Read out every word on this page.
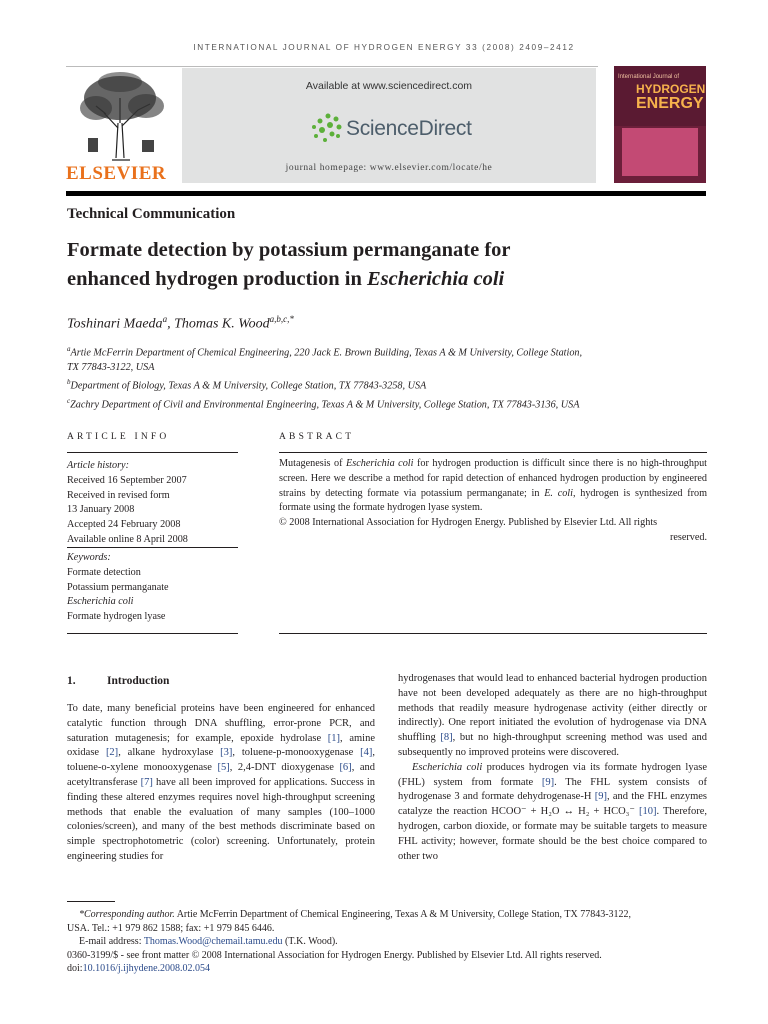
INTERNATIONAL JOURNAL OF HYDROGEN ENERGY 33 (2008) 2409–2412
ELSEVIER
Available at www.sciencedirect.com
ScienceDirect
journal homepage: www.elsevier.com/locate/he
International Journal of
HYDROGEN
ENERGY
Technical Communication
Formate detection by potassium permanganate for
enhanced hydrogen production in Escherichia coli
Toshinari Maeda$^a$, Thomas K. Wood$^{a,b,c,*}$
$^a$Artie McFerrin Department of Chemical Engineering, 220 Jack E. Brown Building, Texas A & M University, College Station,
TX 77843-3122, USA
$^b$Department of Biology, Texas A & M University, College Station, TX 77843-3258, USA
$^c$Zachry Department of Civil and Environmental Engineering, Texas A & M University, College Station, TX 77843-3136, USA
ARTICLE INFO
Article history:
Received 16 September 2007
Received in revised form
13 January 2008
Accepted 24 February 2008
Available online 8 April 2008
Keywords:
Formate detection
Potassium permanganate
Escherichia coli
Formate hydrogen lyase
ABSTRACT

Mutagenesis of Escherichia coli for hydrogen production is difficult since there is no high-throughput screen. Here we describe a method for rapid detection of enhanced hydrogen production by engineered strains by detecting formate via potassium permanganate; in E. coli, hydrogen is synthesized from formate using the formate hydrogen lyase system.

© 2008 International Association for Hydrogen Energy. Published by Elsevier Ltd. All rights

reserved.

1.	Introduction

To date, many beneficial proteins have been engineered for enhanced catalytic function through DNA shuffling, error-prone PCR, and saturation mutagenesis; for example, epoxide hydrolase [1], amine oxidase [2], alkane hydroxylase [3], toluene-p-monooxygenase [4], toluene-o-xylene monooxygenase [5], 2,4-DNT dioxygenase [6], and acetyltransferase [7] have all been improved for applications. Success in finding these altered enzymes requires novel high-throughput screening methods that enable the evaluation of many samples (100–1000 colonies/screen), and many of the best methods discriminate based on simple spectrophotometric (color) screening. Unfortunately, protein engineering studies for

hydrogenases that would lead to enhanced bacterial hydrogen production have not been developed adequately as there are no high-throughput methods that readily measure hydrogenase activity (either directly or indirectly). One report initiated the evolution of hydrogenase via DNA shuffling [8], but no high-throughput screening method was used and subsequently no improved proteins were discovered.

Escherichia coli produces hydrogen via its formate hydrogen lyase (FHL) system from formate [9]. The FHL system consists of hydrogenase 3 and formate dehydrogenase-H [9], and the FHL enzymes catalyze the reaction HCOO⁻ + H₂O ↔ H₂ + HCO₃⁻ [10]. Therefore, hydrogen, carbon dioxide, or formate may be suitable targets to measure FHL activity; however, formate should be the best choice compared to other two

*Corresponding author. Artie McFerrin Department of Chemical Engineering, Texas A & M University, College Station, TX 77843-3122,
USA. Tel.: +1 979 862 1588; fax: +1 979 845 6446.
E-mail address: Thomas.Wood@chemail.tamu.edu (T.K. Wood).
0360-3199/$ - see front matter © 2008 International Association for Hydrogen Energy. Published by Elsevier Ltd. All rights reserved.
doi:10.1016/j.ijhydene.2008.02.054
